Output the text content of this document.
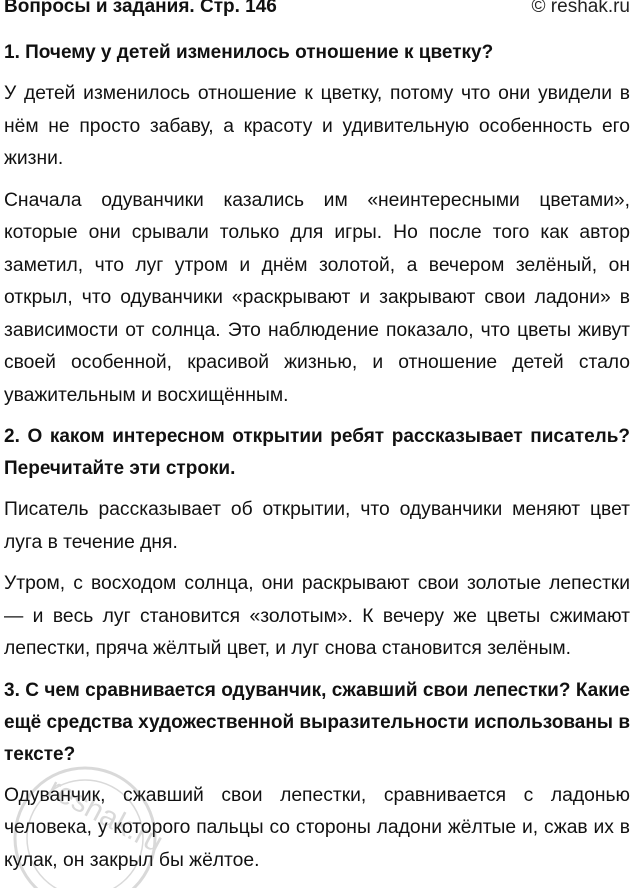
Вопросы и задания. Стр. 146	© reshak.ru
1. Почему у детей изменилось отношение к цветку?
У детей изменилось отношение к цветку, потому что они увидели в нём не просто забаву, а красоту и удивительную особенность его жизни.
Сначала одуванчики казались им «неинтересными цветами», которые они срывали только для игры. Но после того как автор заметил, что луг утром и днём золотой, а вечером зелёный, он открыл, что одуванчики «раскрывают и закрывают свои ладони» в зависимости от солнца. Это наблюдение показало, что цветы живут своей особенной, красивой жизнью, и отношение детей стало уважительным и восхищённым.
2. О каком интересном открытии ребят рассказывает писатель? Перечитайте эти строки.
Писатель рассказывает об открытии, что одуванчики меняют цвет луга в течение дня.
Утром, с восходом солнца, они раскрывают свои золотые лепестки — и весь луг становится «золотым». К вечеру же цветы сжимают лепестки, пряча жёлтый цвет, и луг снова становится зелёным.
3. С чем сравнивается одуванчик, сжавший свои лепестки? Какие ещё средства художественной выразительности использованы в тексте?
Одуванчик, сжавший свои лепестки, сравнивается с ладонью человека, у которого пальцы со стороны ладони жёлтые и, сжав их в кулак, он закрыл бы жёлтое.
reshak.ru
